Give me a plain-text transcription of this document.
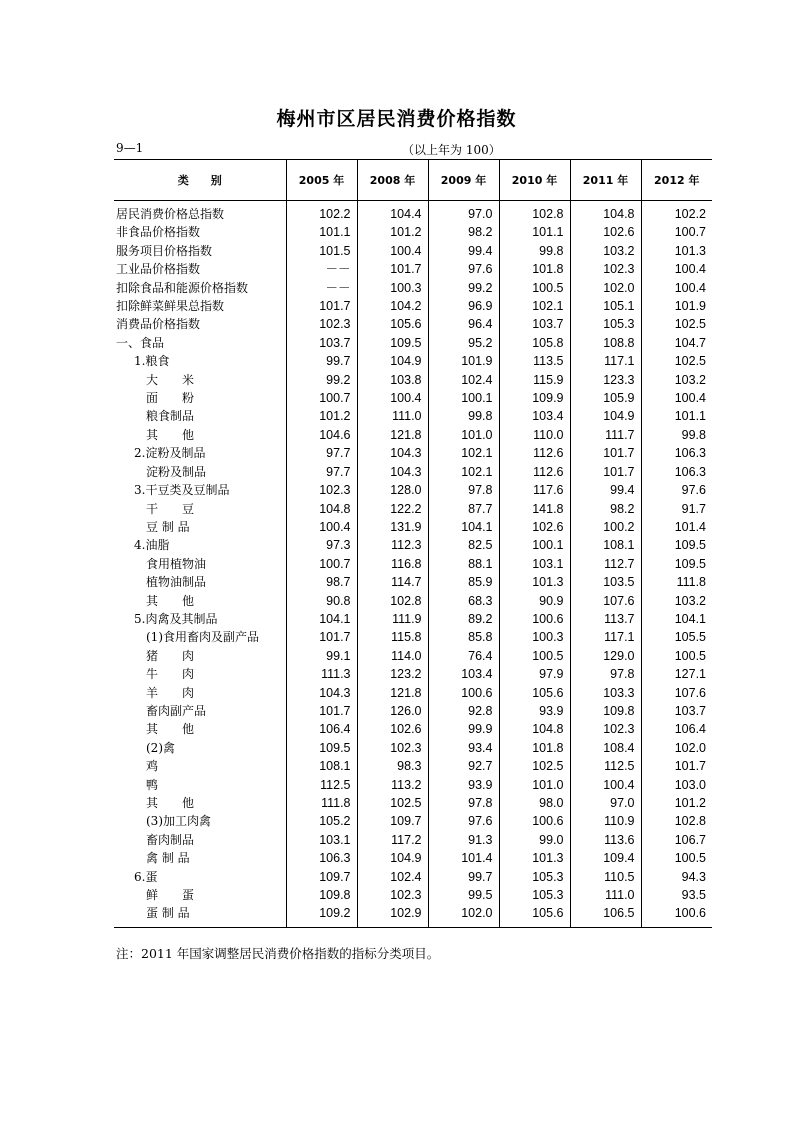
梅州市区居民消费价格指数
9—1	（以上年为 100）
类　　别	2005 年	2008 年	2009 年	2010 年	2011 年	2012 年
居民消费价格总指数	102.2	104.4	97.0	102.8	104.8	102.2
非食品价格指数	101.1	101.2	98.2	101.1	102.6	100.7
服务项目价格指数	101.5	100.4	99.4	99.8	103.2	101.3
工业品价格指数	－－	101.7	97.6	101.8	102.3	100.4
扣除食品和能源价格指数	－－	100.3	99.2	100.5	102.0	100.4
扣除鲜菜鲜果总指数	101.7	104.2	96.9	102.1	105.1	101.9
消费品价格指数	102.3	105.6	96.4	103.7	105.3	102.5
一、食品	103.7	109.5	95.2	105.8	108.8	104.7
1.粮食	99.7	104.9	101.9	113.5	117.1	102.5
大　　米	99.2	103.8	102.4	115.9	123.3	103.2
面　　粉	100.7	100.4	100.1	109.9	105.9	100.4
粮食制品	101.2	111.0	99.8	103.4	104.9	101.1
其　　他	104.6	121.8	101.0	110.0	111.7	99.8
2.淀粉及制品	97.7	104.3	102.1	112.6	101.7	106.3
淀粉及制品	97.7	104.3	102.1	112.6	101.7	106.3
3.干豆类及豆制品	102.3	128.0	97.8	117.6	99.4	97.6
干　　豆	104.8	122.2	87.7	141.8	98.2	91.7
豆 制 品	100.4	131.9	104.1	102.6	100.2	101.4
4.油脂	97.3	112.3	82.5	100.1	108.1	109.5
食用植物油	100.7	116.8	88.1	103.1	112.7	109.5
植物油制品	98.7	114.7	85.9	101.3	103.5	111.8
其　　他	90.8	102.8	68.3	90.9	107.6	103.2
5.肉禽及其制品	104.1	111.9	89.2	100.6	113.7	104.1
(1)食用畜肉及副产品	101.7	115.8	85.8	100.3	117.1	105.5
猪　　肉	99.1	114.0	76.4	100.5	129.0	100.5
牛　　肉	111.3	123.2	103.4	97.9	97.8	127.1
羊　　肉	104.3	121.8	100.6	105.6	103.3	107.6
畜肉副产品	101.7	126.0	92.8	93.9	109.8	103.7
其　　他	106.4	102.6	99.9	104.8	102.3	106.4
(2)禽	109.5	102.3	93.4	101.8	108.4	102.0
鸡	108.1	98.3	92.7	102.5	112.5	101.7
鸭	112.5	113.2	93.9	101.0	100.4	103.0
其　　他	111.8	102.5	97.8	98.0	97.0	101.2
(3)加工肉禽	105.2	109.7	97.6	100.6	110.9	102.8
畜肉制品	103.1	117.2	91.3	99.0	113.6	106.7
禽 制 品	106.3	104.9	101.4	101.3	109.4	100.5
6.蛋	109.7	102.4	99.7	105.3	110.5	94.3
鲜　　蛋	109.8	102.3	99.5	105.3	111.0	93.5
蛋 制 品	109.2	102.9	102.0	105.6	106.5	100.6
注：2011 年国家调整居民消费价格指数的指标分类项目。
